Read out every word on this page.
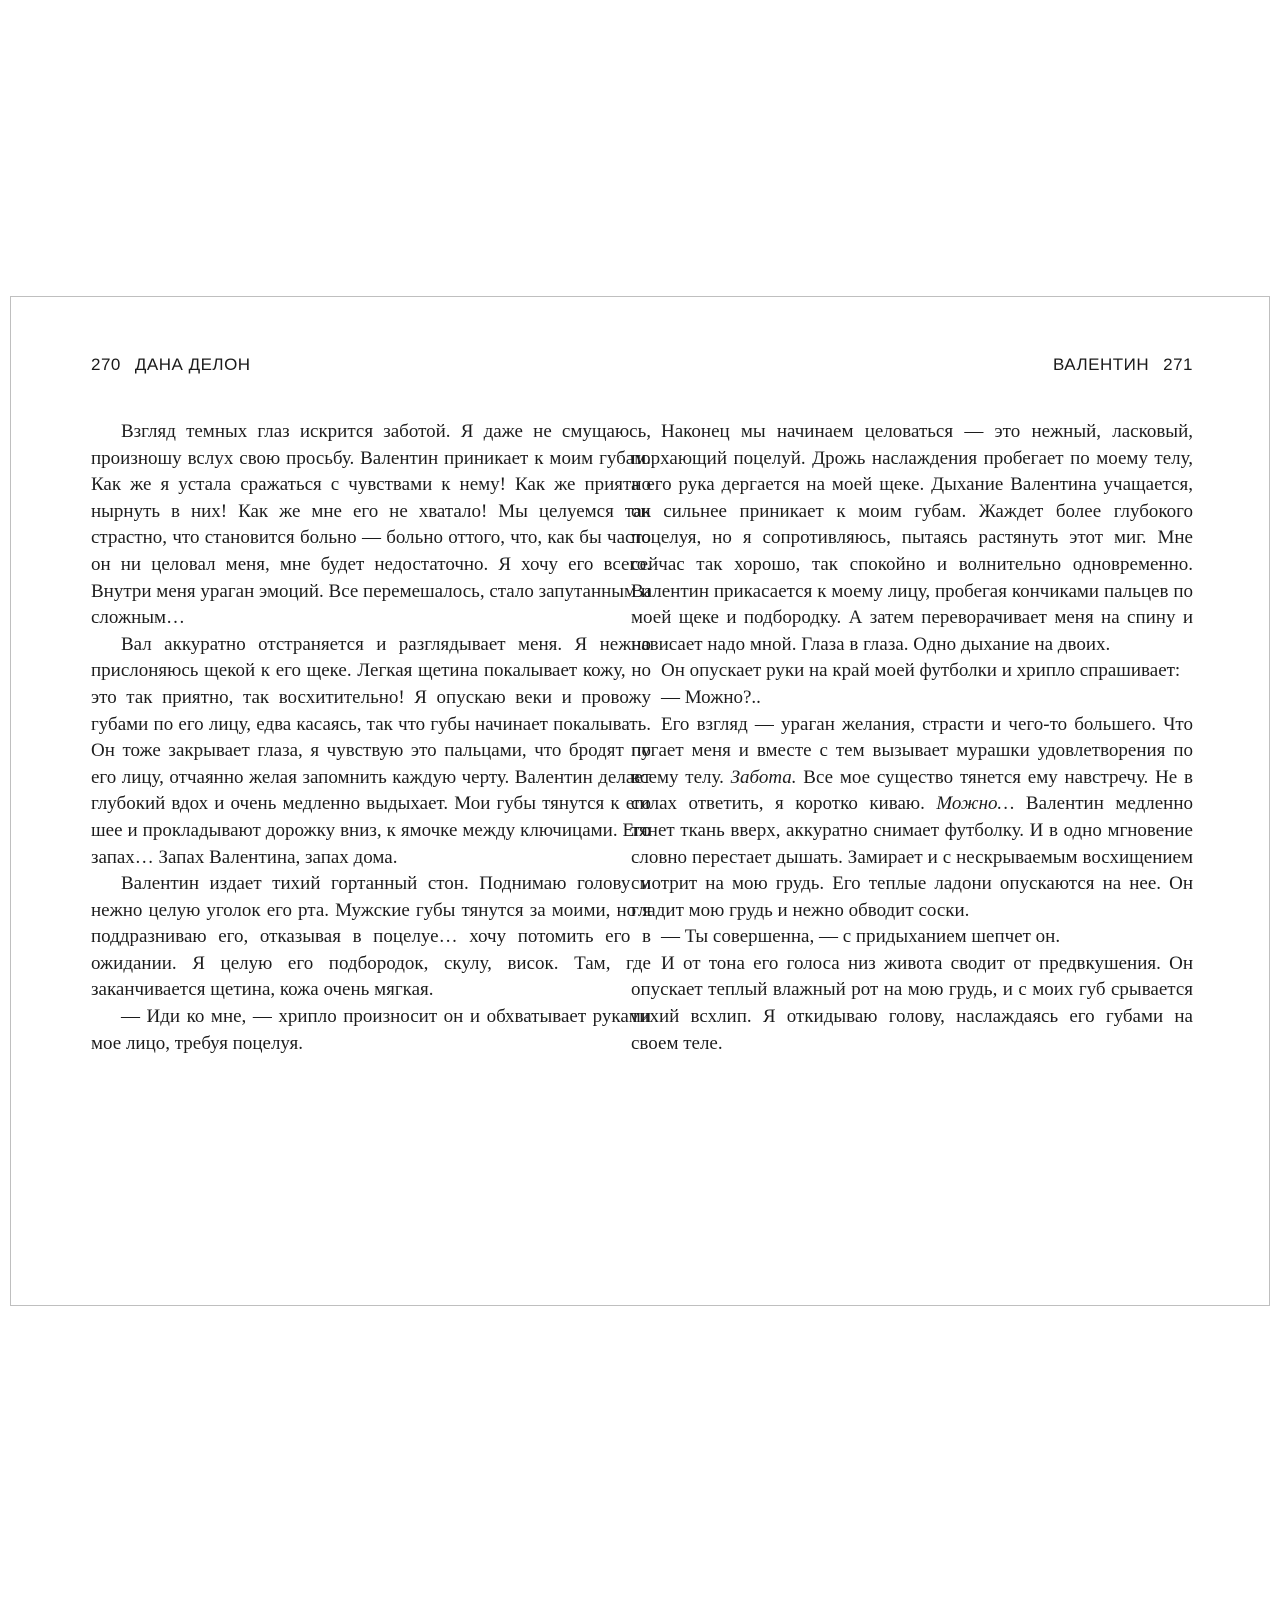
270 ДАНА ДЕЛОН

Взгляд темных глаз искрится заботой. Я даже не смущаюсь, произношу вслух свою просьбу. Валентин приникает к моим губам. Как же я устала сражаться с чувствами к нему! Как же приятно нырнуть в них! Как же мне его не хватало! Мы целуемся так страстно, что становится больно — больно оттого, что, как бы часто он ни целовал меня, мне будет недостаточно. Я хочу его всего. Внутри меня ураган эмоций. Все перемешалось, стало запутанным и сложным…

Вал аккуратно отстраняется и разглядывает меня. Я нежно прислоняюсь щекой к его щеке. Легкая щетина покалывает кожу, но это так приятно, так восхитительно! Я опускаю веки и провожу губами по его лицу, едва касаясь, так что губы начинает покалывать. Он тоже закрывает глаза, я чувствую это пальцами, что бродят по его лицу, отчаянно желая запомнить каждую черту. Валентин делает глубокий вдох и очень медленно выдыхает. Мои губы тянутся к его шее и прокладывают дорожку вниз, к ямочке между ключицами. Его запах… Запах Валентина, запах дома.

Валентин издает тихий гортанный стон. Поднимаю голову и нежно целую уголок его рта. Мужские губы тянутся за моими, но я поддразниваю его, отказывая в поцелуе… хочу потомить его в ожидании. Я целую его подбородок, скулу, висок. Там, где заканчивается щетина, кожа очень мягкая.

— Иди ко мне, — хрипло произносит он и обхватывает руками мое лицо, требуя поцелуя.

ВАЛЕНТИН 271

Наконец мы начинаем целоваться — это нежный, ласковый, порхающий поцелуй. Дрожь наслаждения пробегает по моему телу, а его рука дергается на моей щеке. Дыхание Валентина учащается, он сильнее приникает к моим губам. Жаждет более глубокого поцелуя, но я сопротивляюсь, пытаясь растянуть этот миг. Мне сейчас так хорошо, так спокойно и волнительно одновременно. Валентин прикасается к моему лицу, пробегая кончиками пальцев по моей щеке и подбородку. А затем переворачивает меня на спину и нависает надо мной. Глаза в глаза. Одно дыхание на двоих.

Он опускает руки на край моей футболки и хрипло спрашивает:

— Можно?..

Его взгляд — ураган желания, страсти и чего-то большего. Что пугает меня и вместе с тем вызывает мурашки удовлетворения по всему телу. Забота. Все мое существо тянется ему навстречу. Не в силах ответить, я коротко киваю. Можно… Валентин медленно тянет ткань вверх, аккуратно снимает футболку. И в одно мгновение словно перестает дышать. Замирает и с нескрываемым восхищением смотрит на мою грудь. Его теплые ладони опускаются на нее. Он гладит мою грудь и нежно обводит соски.

— Ты совершенна, — с придыханием шепчет он.

И от тона его голоса низ живота сводит от предвкушения. Он опускает теплый влажный рот на мою грудь, и с моих губ срывается тихий всхлип. Я откидываю голову, наслаждаясь его губами на своем теле.
